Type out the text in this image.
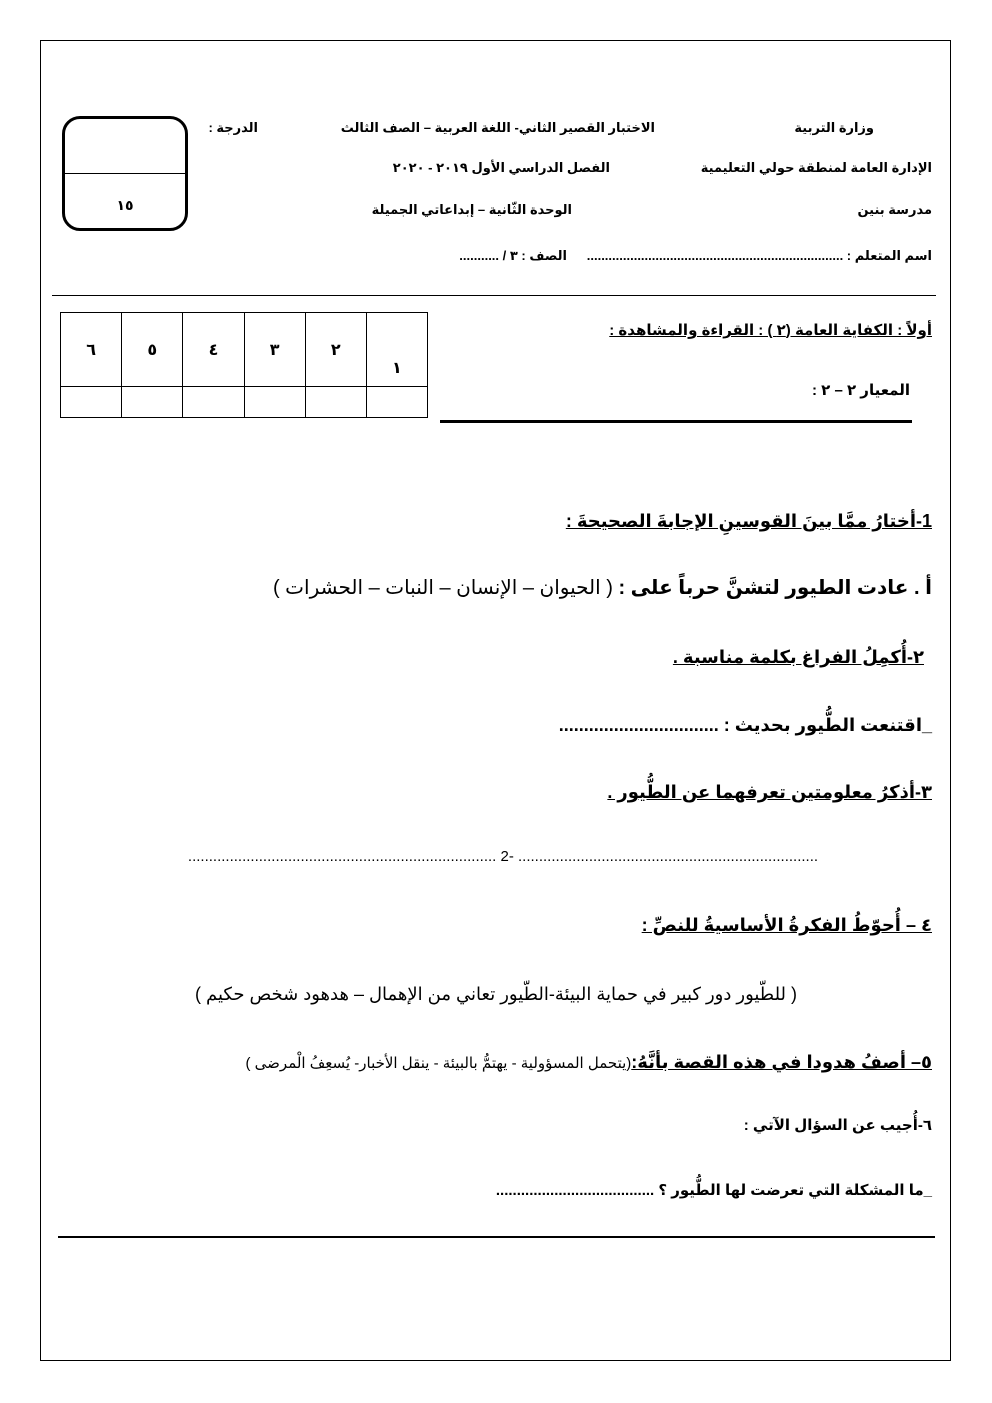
وزارة التربية
الإدارة العامة لمنطقة حولي التعليمية
مدرسة بنين
اسم المتعلم : .......................................................................
الصف : ٣ / ...........
الاختبار القصير الثاني- اللغة العربية – الصف الثالث
الفصل الدراسي الأول ٢٠١٩ - ٢٠٢٠
الوحدة الثّانية – إبداعاتي الجميلة
الدرجة :
١٥
أولاً : الكفاية العامة (٢ ) : القراءة والمشاهدة :
المعيار ٢ – ٢ :
١	٢	٣	٤	٥	٦

1-أختارُ ممَّا بينَ القوسينِ الإجابةَ الصحيحةَ :
أ . عادت الطيور لتشنَّ حرباً على : ( الحيوان – الإنسان – النبات – الحشرات )
٢-أُكمِلُ الفراغ بكلمة مناسبة .
_اقتنعت الطُّيور بحديث : ................................
٣-أذكرُ معلومتين تعرفهما عن الطُّيور .
........................................................................ -2 ..........................................................................
٤ – أُحوّطُ الفكرةُ الأساسيةُ للنصِّ :
( للطّيور دور كبير في حماية البيئة-الطّيور تعاني من الإهمال – هدهود شخص حكيم )
٥– أصفُ هدودا في هذه القصة بأنَّهُ:(يتحمل المسؤولية - يهتمُّ بالبيئة - ينقل الأخبار- يُسعِفُ الْمرضى )
٦-أُجيب عن السؤال الآتي :
_ما المشكلة التي تعرضت لها الطُّيور ؟ ......................................
